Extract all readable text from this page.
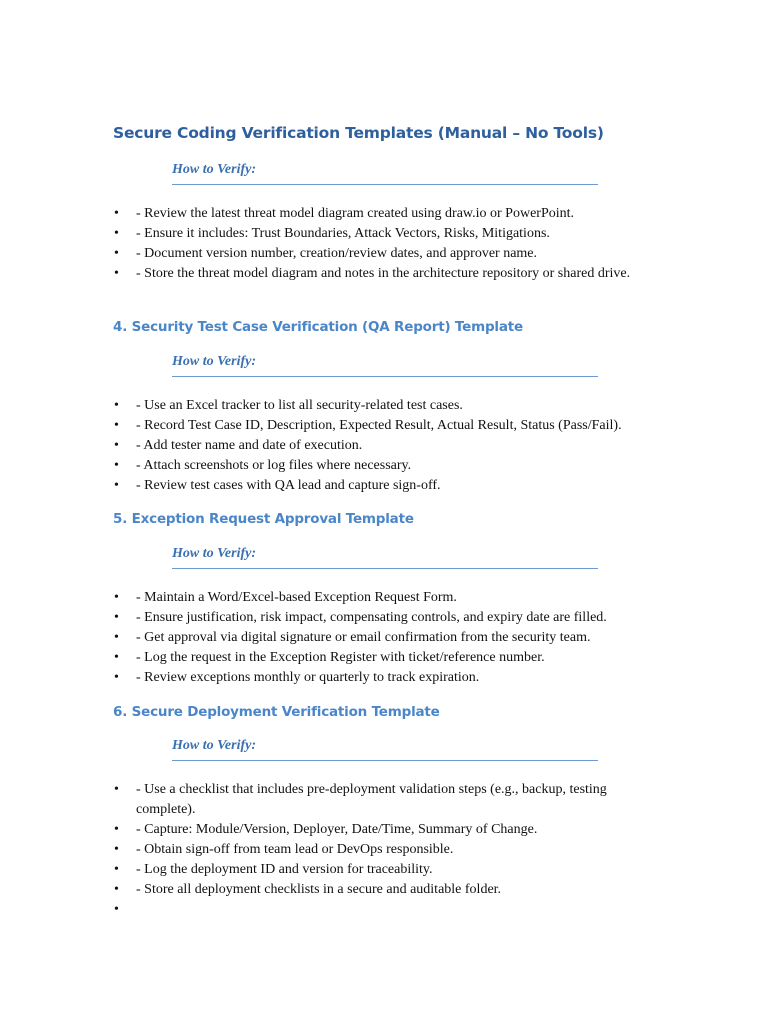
Secure Coding Verification Templates (Manual – No Tools)
How to Verify:
• - Review the latest threat model diagram created using draw.io or PowerPoint.
• - Ensure it includes: Trust Boundaries, Attack Vectors, Risks, Mitigations.
• - Document version number, creation/review dates, and approver name.
• - Store the threat model diagram and notes in the architecture repository or shared drive.
4. Security Test Case Verification (QA Report) Template
How to Verify:
• - Use an Excel tracker to list all security-related test cases.
• - Record Test Case ID, Description, Expected Result, Actual Result, Status (Pass/Fail).
• - Add tester name and date of execution.
• - Attach screenshots or log files where necessary.
• - Review test cases with QA lead and capture sign-off.
5. Exception Request Approval Template
How to Verify:
• - Maintain a Word/Excel-based Exception Request Form.
• - Ensure justification, risk impact, compensating controls, and expiry date are filled.
• - Get approval via digital signature or email confirmation from the security team.
• - Log the request in the Exception Register with ticket/reference number.
• - Review exceptions monthly or quarterly to track expiration.
6. Secure Deployment Verification Template
How to Verify:
• - Use a checklist that includes pre-deployment validation steps (e.g., backup, testing complete).
• - Capture: Module/Version, Deployer, Date/Time, Summary of Change.
• - Obtain sign-off from team lead or DevOps responsible.
• - Log the deployment ID and version for traceability.
• - Store all deployment checklists in a secure and auditable folder.
•
